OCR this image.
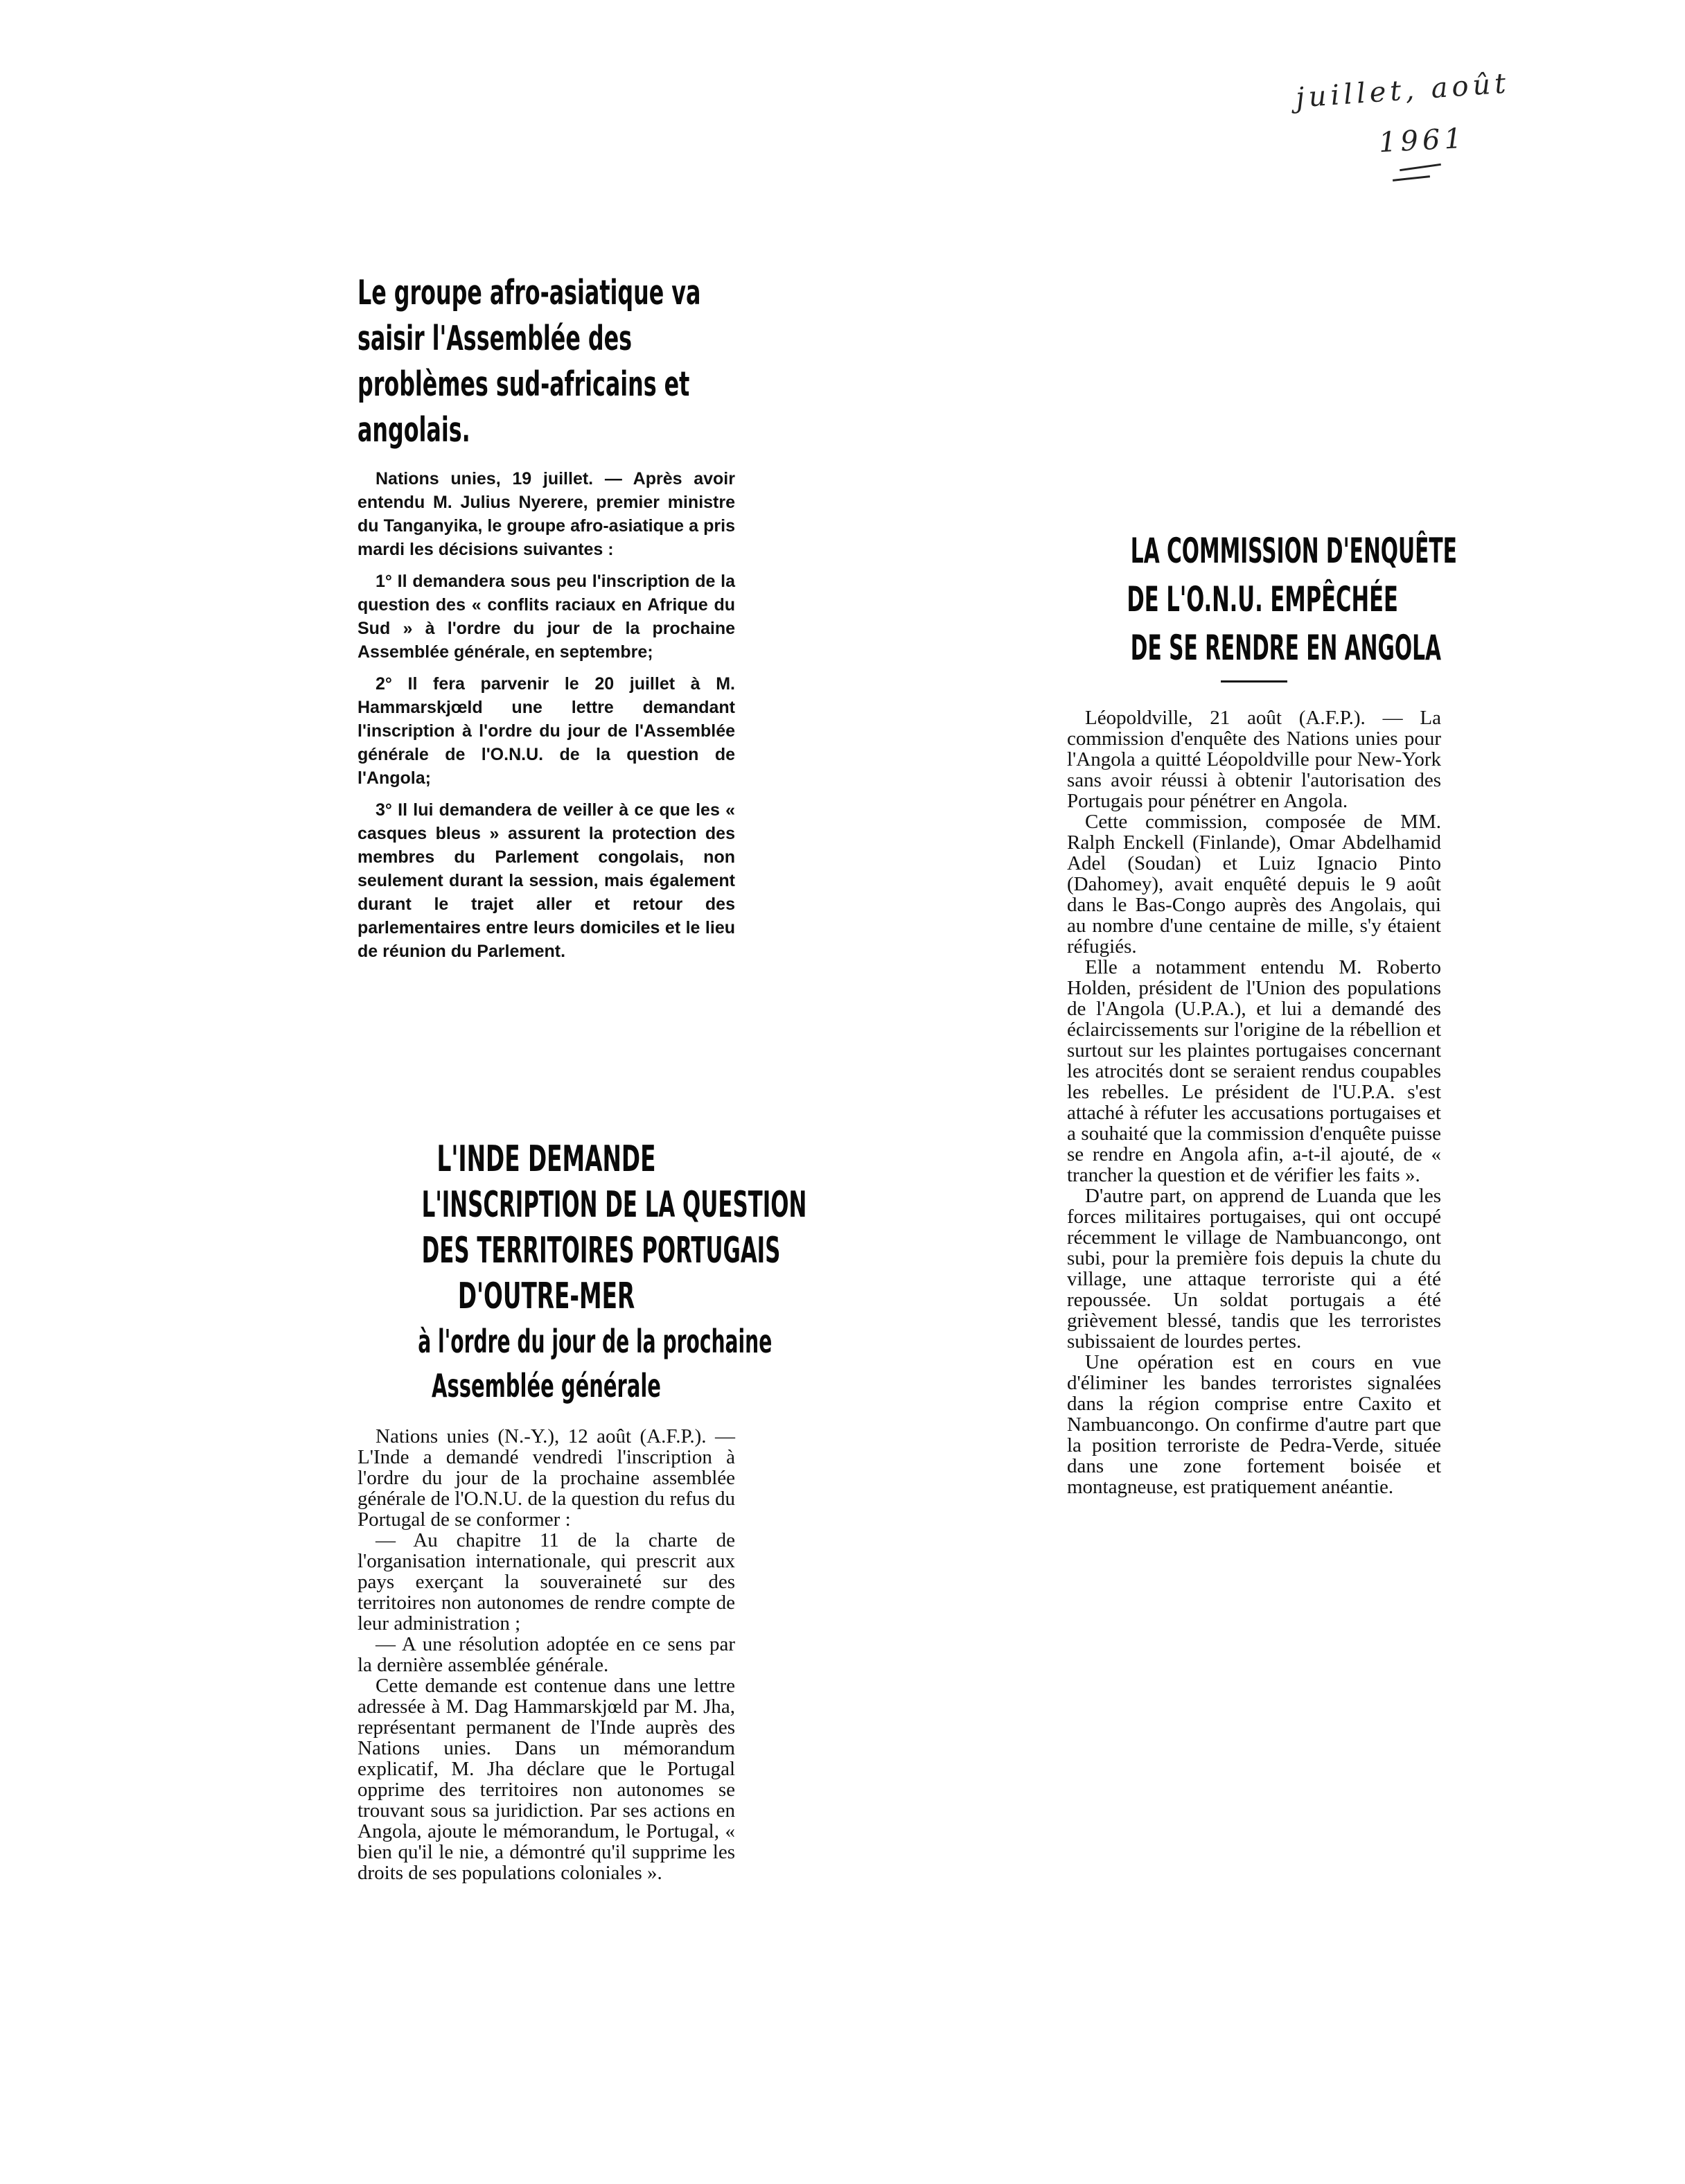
juillet, août
1961
Le groupe afro-asiatique va saisir l'Assemblée des problèmes sud-africains et angolais.

Nations unies, 19 juillet. — Après avoir entendu M. Julius Nyerere, premier ministre du Tanganyika, le groupe afro-asiatique a pris mardi les décisions suivantes :

1° Il demandera sous peu l'inscription de la question des « conflits raciaux en Afrique du Sud » à l'ordre du jour de la prochaine Assemblée générale, en septembre;

2° Il fera parvenir le 20 juillet à M. Hammarskjœld une lettre demandant l'inscription à l'ordre du jour de l'Assemblée générale de l'O.N.U. de la question de l'Angola;

3° Il lui demandera de veiller à ce que les « casques bleus » assurent la protection des membres du Parlement congolais, non seulement durant la session, mais également durant le trajet aller et retour des parlementaires entre leurs domiciles et le lieu de réunion du Parlement.

L'INDE DEMANDE
L'INSCRIPTION DE LA QUESTION
DES TERRITOIRES PORTUGAIS
D'OUTRE-MER
à l'ordre du jour de la prochaine
Assemblée générale

Nations unies (N.-Y.), 12 août (A.F.P.). — L'Inde a demandé vendredi l'inscription à l'ordre du jour de la prochaine assemblée générale de l'O.N.U. de la question du refus du Portugal de se conformer :

— Au chapitre 11 de la charte de l'organisation internationale, qui prescrit aux pays exerçant la souveraineté sur des territoires non autonomes de rendre compte de leur administration ;

— A une résolution adoptée en ce sens par la dernière assemblée générale.

Cette demande est contenue dans une lettre adressée à M. Dag Hammarskjœld par M. Jha, représentant permanent de l'Inde auprès des Nations unies. Dans un mémorandum explicatif, M. Jha déclare que le Portugal opprime des territoires non autonomes se trouvant sous sa juridiction. Par ses actions en Angola, ajoute le mémorandum, le Portugal, « bien qu'il le nie, a démontré qu'il supprime les droits de ses populations coloniales ».

LA COMMISSION D'ENQUÊTE
DE L'O.N.U. EMPÊCHÉE
DE SE RENDRE EN ANGOLA

Léopoldville, 21 août (A.F.P.). — La commission d'enquête des Nations unies pour l'Angola a quitté Léopoldville pour New-York sans avoir réussi à obtenir l'autorisation des Portugais pour pénétrer en Angola.

Cette commission, composée de MM. Ralph Enckell (Finlande), Omar Abdelhamid Adel (Soudan) et Luiz Ignacio Pinto (Dahomey), avait enquêté depuis le 9 août dans le Bas-Congo auprès des Angolais, qui au nombre d'une centaine de mille, s'y étaient réfugiés.

Elle a notamment entendu M. Roberto Holden, président de l'Union des populations de l'Angola (U.P.A.), et lui a demandé des éclaircissements sur l'origine de la rébellion et surtout sur les plaintes portugaises concernant les atrocités dont se seraient rendus coupables les rebelles. Le président de l'U.P.A. s'est attaché à réfuter les accusations portugaises et a souhaité que la commission d'enquête puisse se rendre en Angola afin, a-t-il ajouté, de « trancher la question et de vérifier les faits ».

D'autre part, on apprend de Luanda que les forces militaires portugaises, qui ont occupé récemment le village de Nambuancongo, ont subi, pour la première fois depuis la chute du village, une attaque terroriste qui a été repoussée. Un soldat portugais a été grièvement blessé, tandis que les terroristes subissaient de lourdes pertes.

Une opération est en cours en vue d'éliminer les bandes terroristes signalées dans la région comprise entre Caxito et Nambuancongo. On confirme d'autre part que la position terroriste de Pedra-Verde, située dans une zone fortement boisée et montagneuse, est pratiquement anéantie.
